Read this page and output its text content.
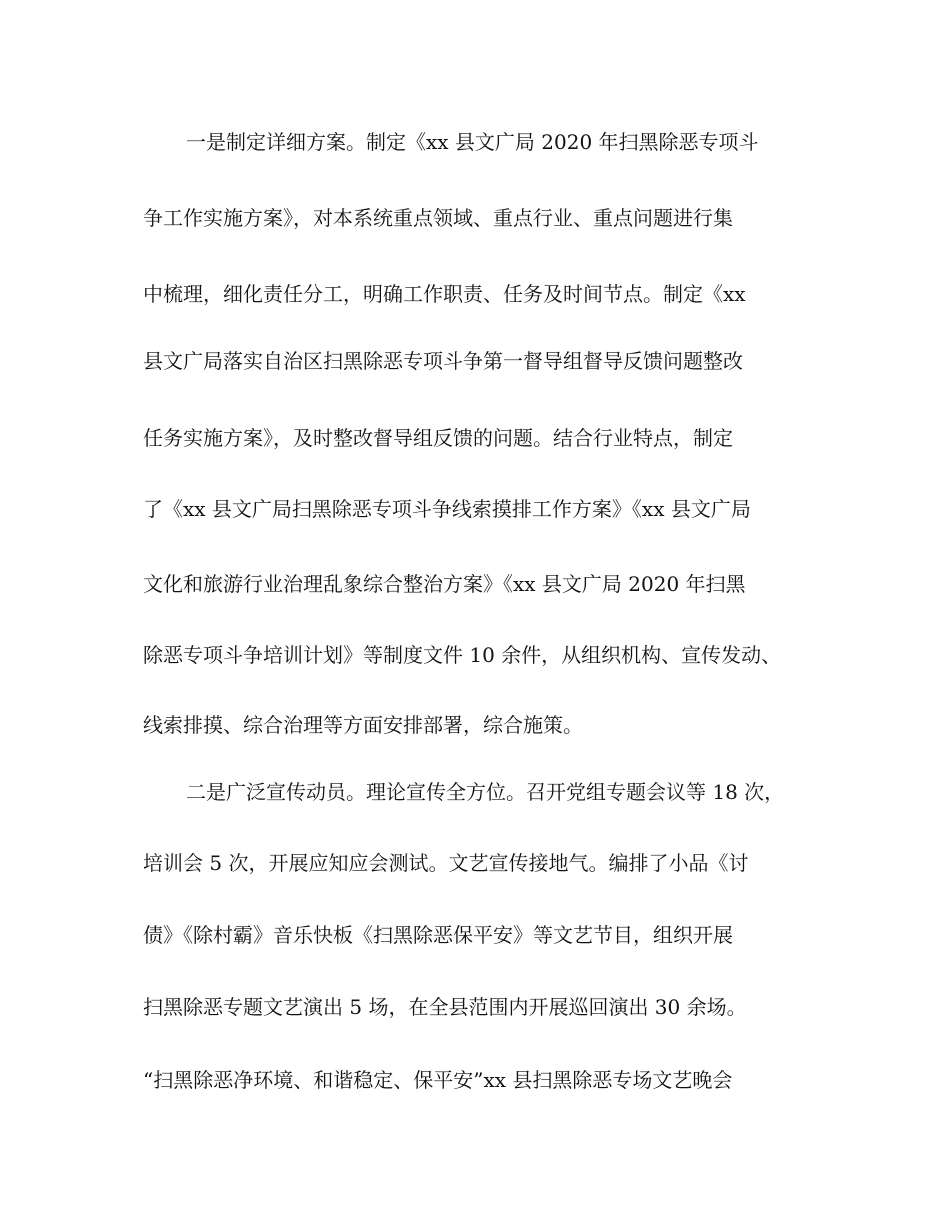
一是制定详细方案。制定《xx 县文广局 2020 年扫黑除恶专项斗
争工作实施方案》，对本系统重点领域、重点行业、重点问题进行集
中梳理，细化责任分工，明确工作职责、任务及时间节点。制定《xx
县文广局落实自治区扫黑除恶专项斗争第一督导组督导反馈问题整改
任务实施方案》，及时整改督导组反馈的问题。结合行业特点，制定
了《xx 县文广局扫黑除恶专项斗争线索摸排工作方案》《xx 县文广局
文化和旅游行业治理乱象综合整治方案》《xx 县文广局 2020 年扫黑
除恶专项斗争培训计划》等制度文件 10 余件，从组织机构、宣传发动、
线索排摸、综合治理等方面安排部署，综合施策。
二是广泛宣传动员。理论宣传全方位。召开党组专题会议等 18 次，
培训会 5 次，开展应知应会测试。文艺宣传接地气。编排了小品《讨
债》《除村霸》音乐快板《扫黑除恶保平安》等文艺节目，组织开展
扫黑除恶专题文艺演出 5 场，在全县范围内开展巡回演出 30 余场。
“扫黑除恶净环境、和谐稳定、保平安”xx 县扫黑除恶专场文艺晚会
